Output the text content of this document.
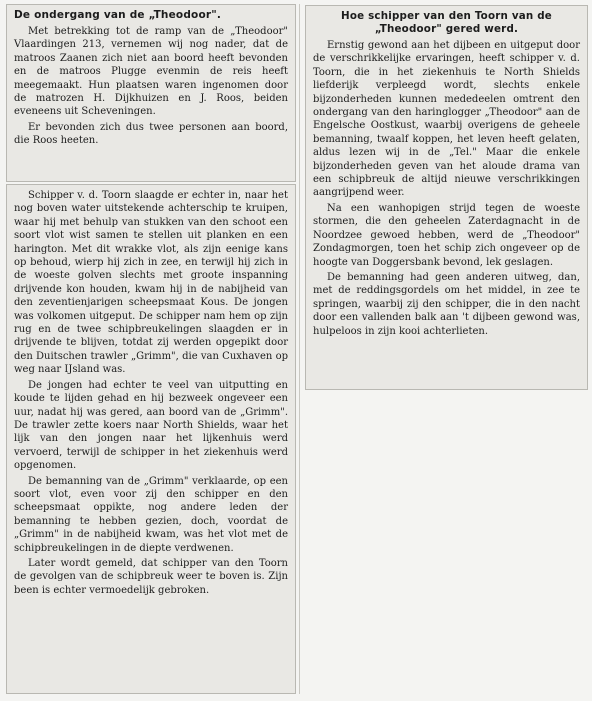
De ondergang van de „Theodoor".

Met betrekking tot de ramp van de „Theodoor" Vlaardingen 213, vernemen wij nog nader, dat de matroos Zaanen zich niet aan boord heeft bevonden en de matroos Plugge evenmin de reis heeft meegemaakt. Hun plaatsen waren ingenomen door de matrozen H. Dijkhuizen en J. Roos, beiden eveneens uit Scheveningen.

Er bevonden zich dus twee personen aan boord, die Roos heeten.

Schipper v. d. Toorn slaagde er echter in, naar het nog boven water uitstekende achterschip te kruipen, waar hij met behulp van stukken van den schoot een soort vlot wist samen te stellen uit planken en een harington. Met dit wrakke vlot, als zijn eenige kans op behoud, wierp hij zich in zee, en terwijl hij zich in de woeste golven slechts met groote inspanning drijvende kon houden, kwam hij in de nabijheid van den zeventienjarigen scheepsmaat Kous. De jongen was volkomen uitgeput. De schipper nam hem op zijn rug en de twee schipbreukelingen slaagden er in drijvende te blijven, totdat zij werden opgepikt door den Duitschen trawler „Grimm", die van Cuxhaven op weg naar IJsland was.

De jongen had echter te veel van uitputting en koude te lijden gehad en hij bezweek ongeveer een uur, nadat hij was gered, aan boord van de „Grimm". De trawler zette koers naar North Shields, waar het lijk van den jongen naar het lijkenhuis werd vervoerd, terwijl de schipper in het ziekenhuis werd opgenomen.

De bemanning van de „Grimm" verklaarde, op een soort vlot, even voor zij den schipper en den scheepsmaat oppikte, nog andere leden der bemanning te hebben gezien, doch, voordat de „Grimm" in de nabijheid kwam, was het vlot met de schipbreukelingen in de diepte verdwenen.

Later wordt gemeld, dat schipper van den Toorn de gevolgen van de schipbreuk weer te boven is. Zijn been is echter vermoedelijk gebroken.

Hoe schipper van den Toorn van de „Theodoor" gered werd.

Ernstig gewond aan het dijbeen en uitgeput door de verschrikkelijke ervaringen, heeft schipper v. d. Toorn, die in het ziekenhuis te North Shields liefderijk verpleegd wordt, slechts enkele bijzonderheden kunnen mededeelen omtrent den ondergang van den haringlogger „Theodoor" aan de Engelsche Oostkust, waarbij overigens de geheele bemanning, twaalf koppen, het leven heeft gelaten, aldus lezen wij in de „Tel." Maar die enkele bijzonderheden geven van het aloude drama van een schipbreuk de altijd nieuwe verschrikkingen aangrijpend weer.

Na een wanhopigen strijd tegen de woeste stormen, die den geheelen Zaterdagnacht in de Noordzee gewoed hebben, werd de „Theodoor" Zondagmorgen, toen het schip zich ongeveer op de hoogte van Doggersbank bevond, lek geslagen.

De bemanning had geen anderen uitweg, dan, met de reddingsgordels om het middel, in zee te springen, waarbij zij den schipper, die in den nacht door een vallenden balk aan 't dijbeen gewond was, hulpeloos in zijn kooi achterlieten.
